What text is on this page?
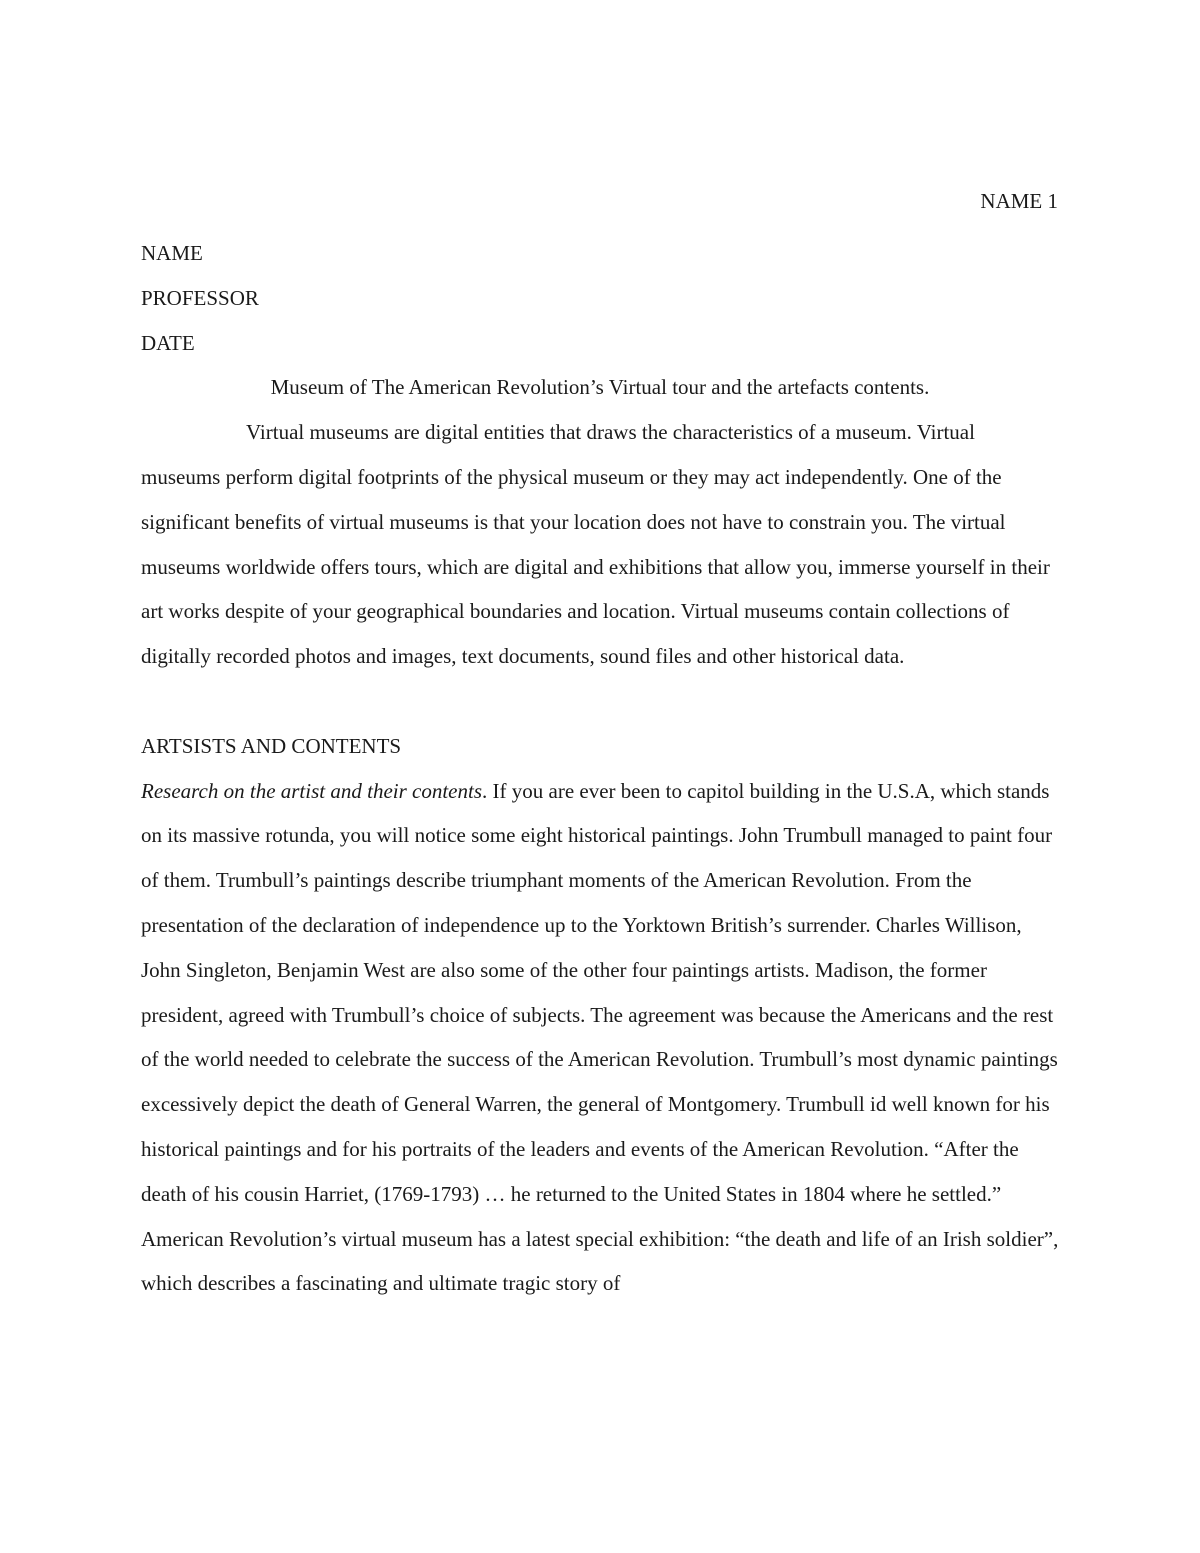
NAME 1

NAME

PROFESSOR

DATE

Museum of The American Revolution’s Virtual tour and the artefacts contents.

Virtual museums are digital entities that draws the characteristics of a museum. Virtual museums perform digital footprints of the physical museum or they may act independently. One of the significant benefits of virtual museums is that your location does not have to constrain you. The virtual museums worldwide offers tours, which are digital and exhibitions that allow you, immerse yourself in their art works despite of your geographical boundaries and location. Virtual museums contain collections of digitally recorded photos and images, text documents, sound files and other historical data.

ARTSISTS AND CONTENTS

Research on the artist and their contents. If you are ever been to capitol building in the U.S.A, which stands on its massive rotunda, you will notice some eight historical paintings. John Trumbull managed to paint four of them. Trumbull’s paintings describe triumphant moments of the American Revolution. From the presentation of the declaration of independence up to the Yorktown British’s surrender. Charles Willison, John Singleton, Benjamin West are also some of the other four paintings artists. Madison, the former president, agreed with Trumbull’s choice of subjects. The agreement was because the Americans and the rest of the world needed to celebrate the success of the American Revolution. Trumbull’s most dynamic paintings excessively depict the death of General Warren, the general of Montgomery. Trumbull id well known for his historical paintings and for his portraits of the leaders and events of the American Revolution. “After the death of his cousin Harriet, (1769-1793) … he returned to the United States in 1804 where he settled.” American Revolution’s virtual museum has a latest special exhibition: “the death and life of an Irish soldier”, which describes a fascinating and ultimate tragic story of
